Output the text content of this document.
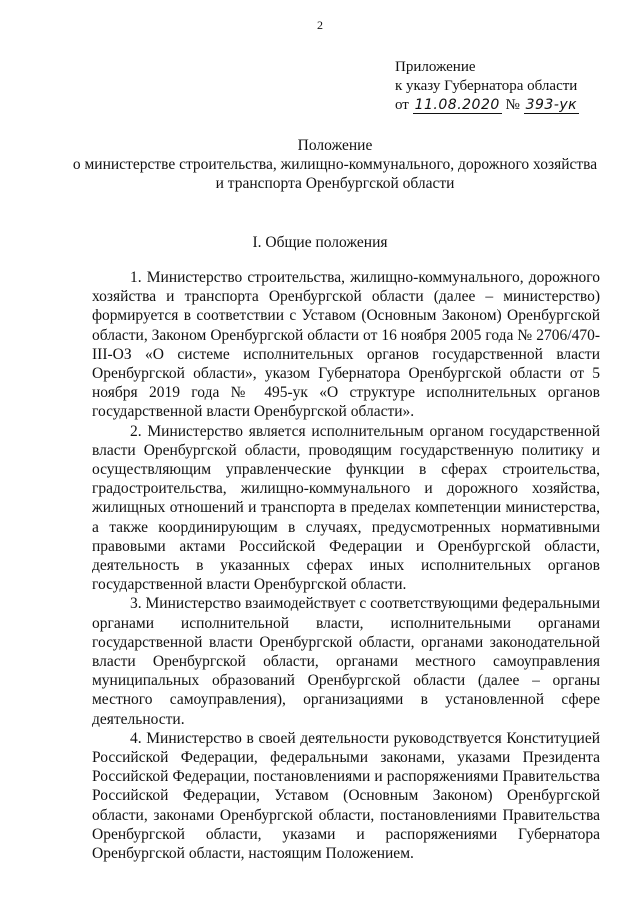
2
Приложение
к указу Губернатора области
от 11.08.2020 № 393-ук
Положение
о министерстве строительства, жилищно-коммунального, дорожного хозяйства и транспорта Оренбургской области
I. Общие положения

1. Министерство строительства, жилищно-коммунального, дорожного хозяйства и транспорта Оренбургской области (далее – министерство) формируется в соответствии с Уставом (Основным Законом) Оренбургской области, Законом Оренбургской области от 16 ноября 2005 года № 2706/470-III-ОЗ «О системе исполнительных органов государственной власти Оренбургской области», указом Губернатора Оренбургской области от 5 ноября 2019 года № 495-ук «О структуре исполнительных органов государственной власти Оренбургской области».

2. Министерство является исполнительным органом государственной власти Оренбургской области, проводящим государственную политику и осуществляющим управленческие функции в сферах строительства, градостроительства, жилищно-коммунального и дорожного хозяйства, жилищных отношений и транспорта в пределах компетенции министерства, а также координирующим в случаях, предусмотренных нормативными правовыми актами Российской Федерации и Оренбургской области, деятельность в указанных сферах иных исполнительных органов государственной власти Оренбургской области.

3. Министерство взаимодействует с соответствующими федеральными органами исполнительной власти, исполнительными органами государственной власти Оренбургской области, органами законодательной власти Оренбургской области, органами местного самоуправления муниципальных образований Оренбургской области (далее – органы местного самоуправления), организациями в установленной сфере деятельности.

4. Министерство в своей деятельности руководствуется Конституцией Российской Федерации, федеральными законами, указами Президента Российской Федерации, постановлениями и распоряжениями Правительства Российской Федерации, Уставом (Основным Законом) Оренбургской области, законами Оренбургской области, постановлениями Правительства Оренбургской области, указами и распоряжениями Губернатора Оренбургской области, настоящим Положением.
